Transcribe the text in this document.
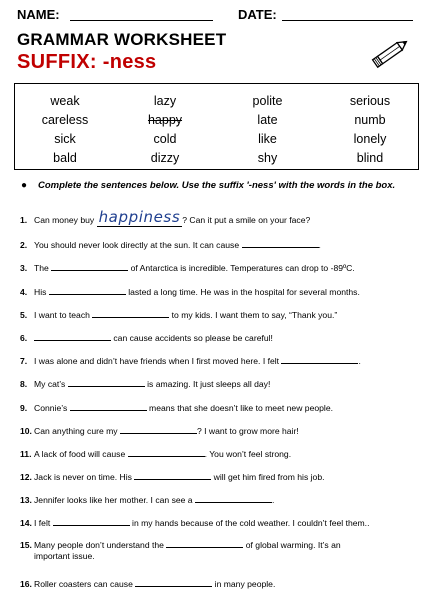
NAME:	DATE:
GRAMMAR WORKSHEET
SUFFIX: -ness
weak	lazy	polite	serious
careless	happy	late	numb
sick	cold	like	lonely
bald	dizzy	shy	blind
● Complete the sentences below. Use the suffix '-ness' with the words in the box.
1. Can money buy happiness ? Can it put a smile on your face?
2. You should never look directly at the sun. It can cause	.
3. The	of Antarctica is incredible. Temperatures can drop to -89ºC.
4. His	lasted a long time. He was in the hospital for several months.
5. I want to teach	to my kids. I want them to say, “Thank you.”
6.	can cause accidents so please be careful!
7. I was alone and didn’t have friends when I first moved here. I felt	.
8. My cat’s	is amazing. It just sleeps all day!
9. Connie’s	means that she doesn’t like to meet new people.
10. Can anything cure my	? I want to grow more hair!
11. A lack of food will cause	. You won’t feel strong.
12. Jack is never on time. His	will get him fired from his job.
13. Jennifer looks like her mother. I can see a	.
14. I felt	in my hands because of the cold weather. I couldn’t feel them..
15. Many people don’t understand the	of global warming. It’s an
important issue.
16. Roller coasters can cause	in many people.
